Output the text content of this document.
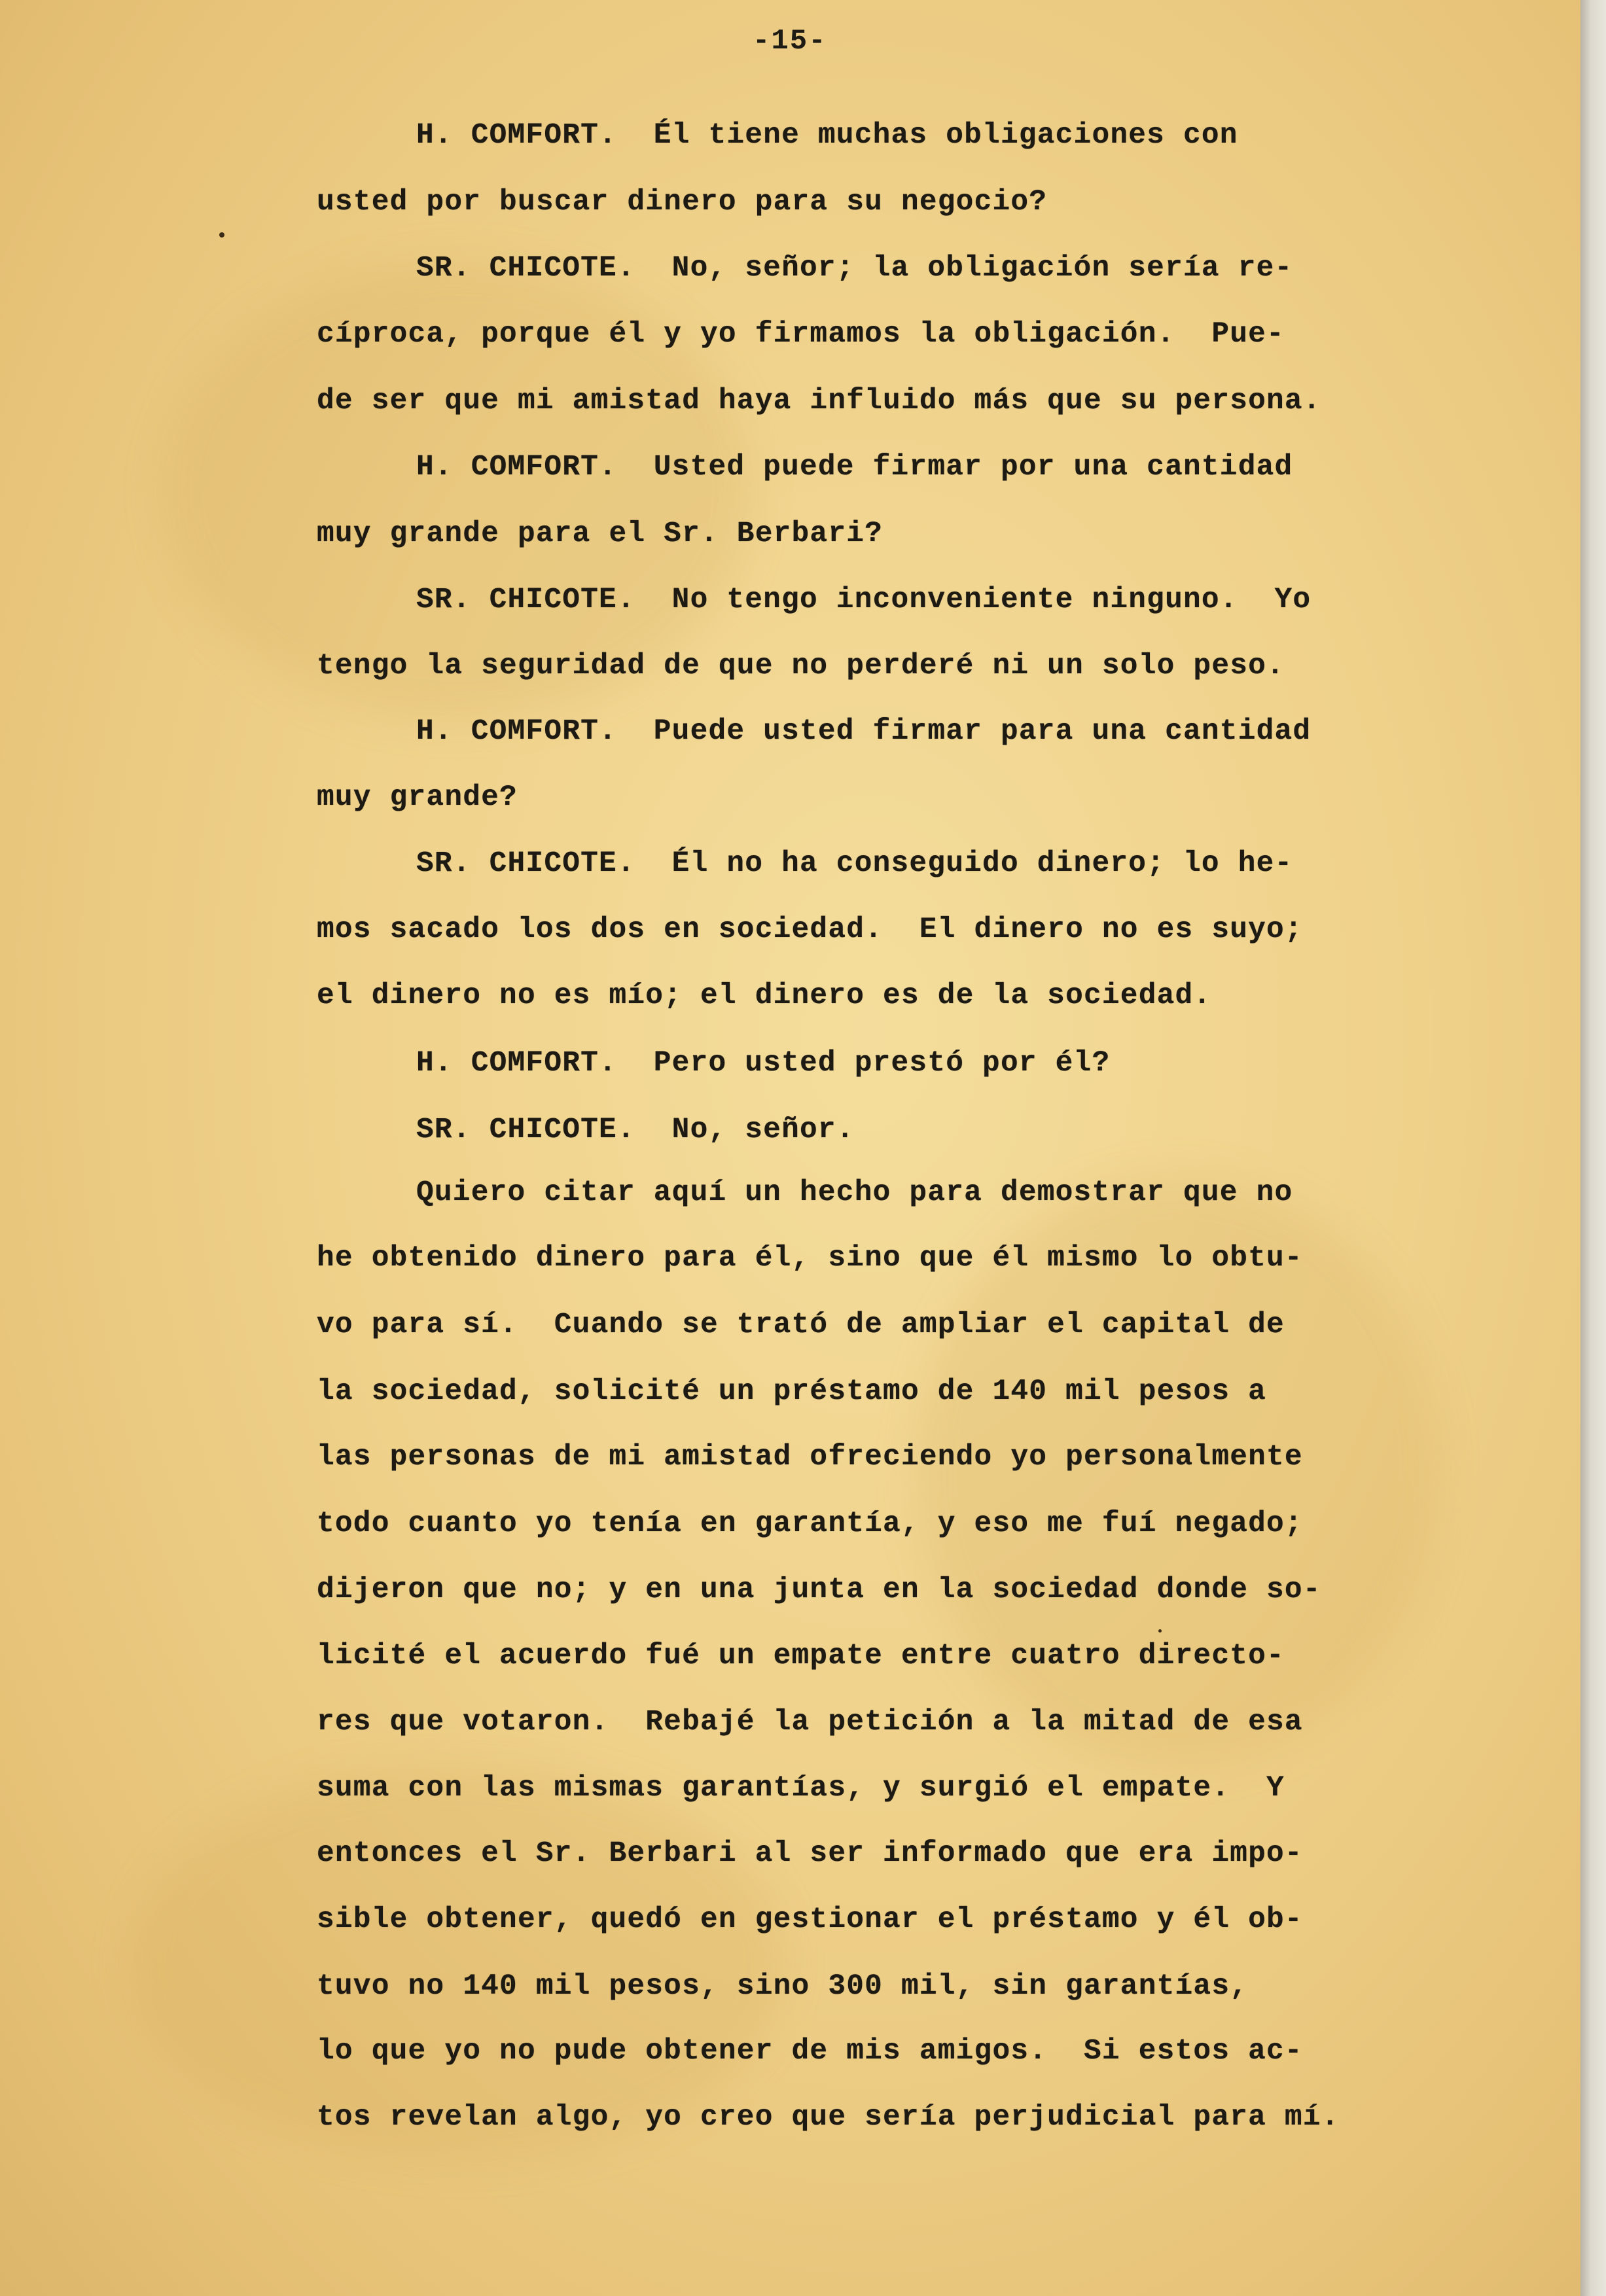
-15-
H. COMFORT.  Él tiene muchas obligaciones con
usted por buscar dinero para su negocio?
SR. CHICOTE.  No, señor; la obligación sería re-
cíproca, porque él y yo firmamos la obligación.  Pue-
de ser que mi amistad haya influido más que su persona.
H. COMFORT.  Usted puede firmar por una cantidad
muy grande para el Sr. Berbari?
SR. CHICOTE.  No tengo inconveniente ninguno.  Yo
tengo la seguridad de que no perderé ni un solo peso.
H. COMFORT.  Puede usted firmar para una cantidad
muy grande?
SR. CHICOTE.  Él no ha conseguido dinero; lo he-
mos sacado los dos en sociedad.  El dinero no es suyo;
el dinero no es mío; el dinero es de la sociedad.
H. COMFORT.  Pero usted prestó por él?
SR. CHICOTE.  No, señor.
Quiero citar aquí un hecho para demostrar que no
he obtenido dinero para él, sino que él mismo lo obtu-
vo para sí.  Cuando se trató de ampliar el capital de
la sociedad, solicité un préstamo de 140 mil pesos a
las personas de mi amistad ofreciendo yo personalmente
todo cuanto yo tenía en garantía, y eso me fuí negado;
dijeron que no; y en una junta en la sociedad donde so-
licité el acuerdo fué un empate entre cuatro directo-
res que votaron.  Rebajé la petición a la mitad de esa
suma con las mismas garantías, y surgió el empate.  Y
entonces el Sr. Berbari al ser informado que era impo-
sible obtener, quedó en gestionar el préstamo y él ob-
tuvo no 140 mil pesos, sino 300 mil, sin garantías,
lo que yo no pude obtener de mis amigos.  Si estos ac-
tos revelan algo, yo creo que sería perjudicial para mí.
